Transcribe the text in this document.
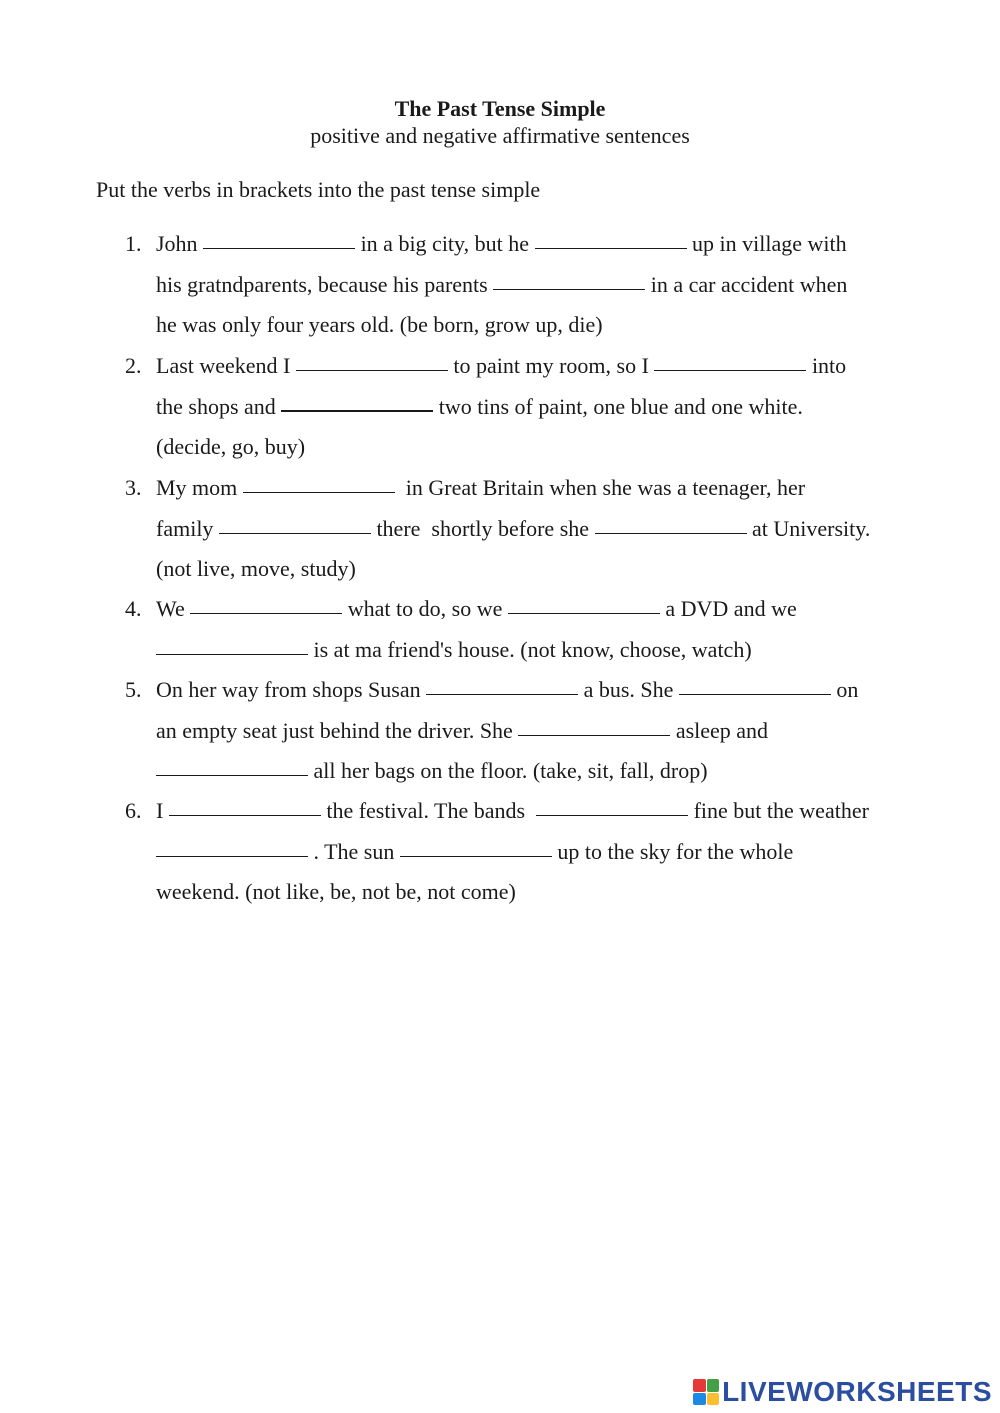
The Past Tense Simple
positive and negative affirmative sentences
Put the verbs in brackets into the past tense simple
1. John	in a big city, but he	up in village with
his gratndparents, because his parents	in a car accident when
he was only four years old. (be born, grow up, die)
2. Last weekend I	to paint my room, so I	into
the shops and	two tins of paint, one blue and one white.
(decide, go, buy)
3. My mom	in Great Britain when she was a teenager, her
family	there  shortly before she	at University.
(not live, move, study)
4. We	what to do, so we	a DVD and we
is at ma friend's house. (not know, choose, watch)
5. On her way from shops Susan	a bus. She	on
an empty seat just behind the driver. She	asleep and
all her bags on the floor. (take, sit, fall, drop)
6. I	the festival. The bands	fine but the weather
. The sun	up to the sky for the whole
weekend. (not like, be, not be, not come)
LIVEWORKSHEETS
